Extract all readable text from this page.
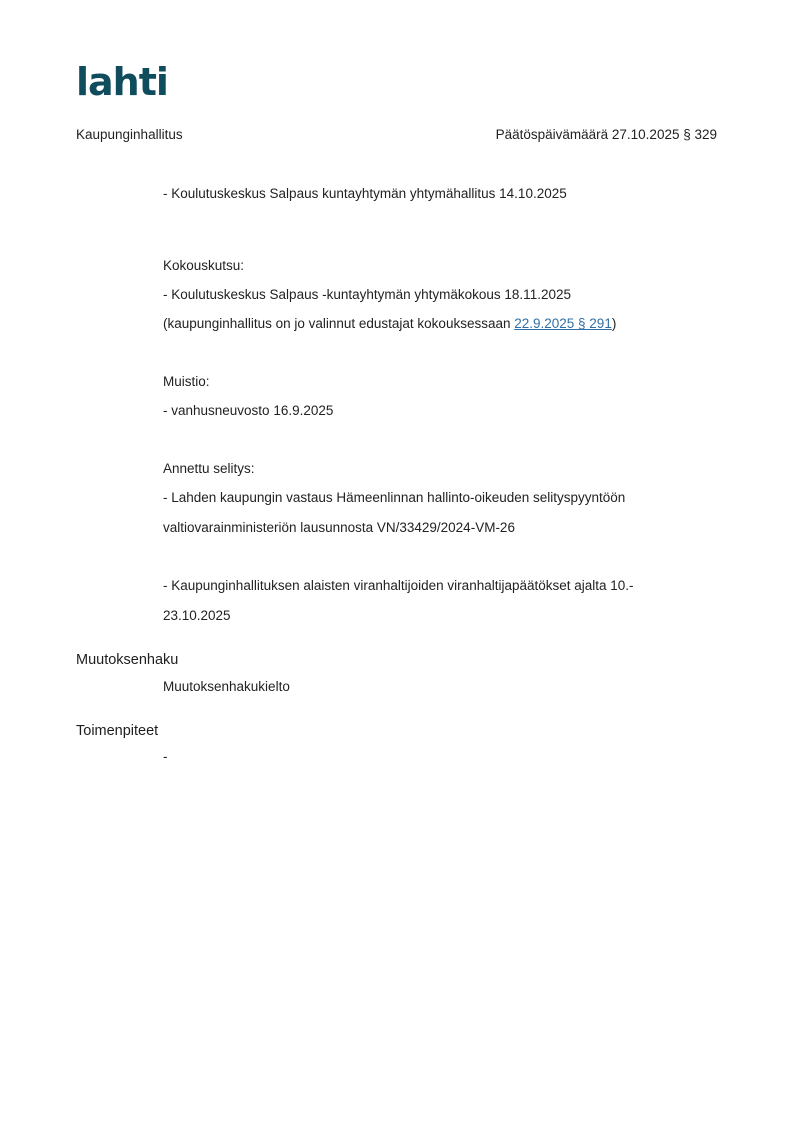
lahti
Kaupunginhallitus	Päätöspäivämäärä 27.10.2025 § 329
- Koulutuskeskus Salpaus kuntayhtymän yhtymähallitus 14.10.2025
Kokouskutsu:
- Koulutuskeskus Salpaus -kuntayhtymän yhtymäkokous 18.11.2025
(kaupunginhallitus on jo valinnut edustajat kokouksessaan 22.9.2025 § 291)
Muistio:
- vanhusneuvosto 16.9.2025
Annettu selitys:
- Lahden kaupungin vastaus Hämeenlinnan hallinto-oikeuden selityspyyntöön
valtiovarainministeriön lausunnosta VN/33429/2024-VM-26
- Kaupunginhallituksen alaisten viranhaltijoiden viranhaltijapäätökset ajalta 10.-
23.10.2025
Muutoksenhaku
Muutoksenhakukielto
Toimenpiteet
-
